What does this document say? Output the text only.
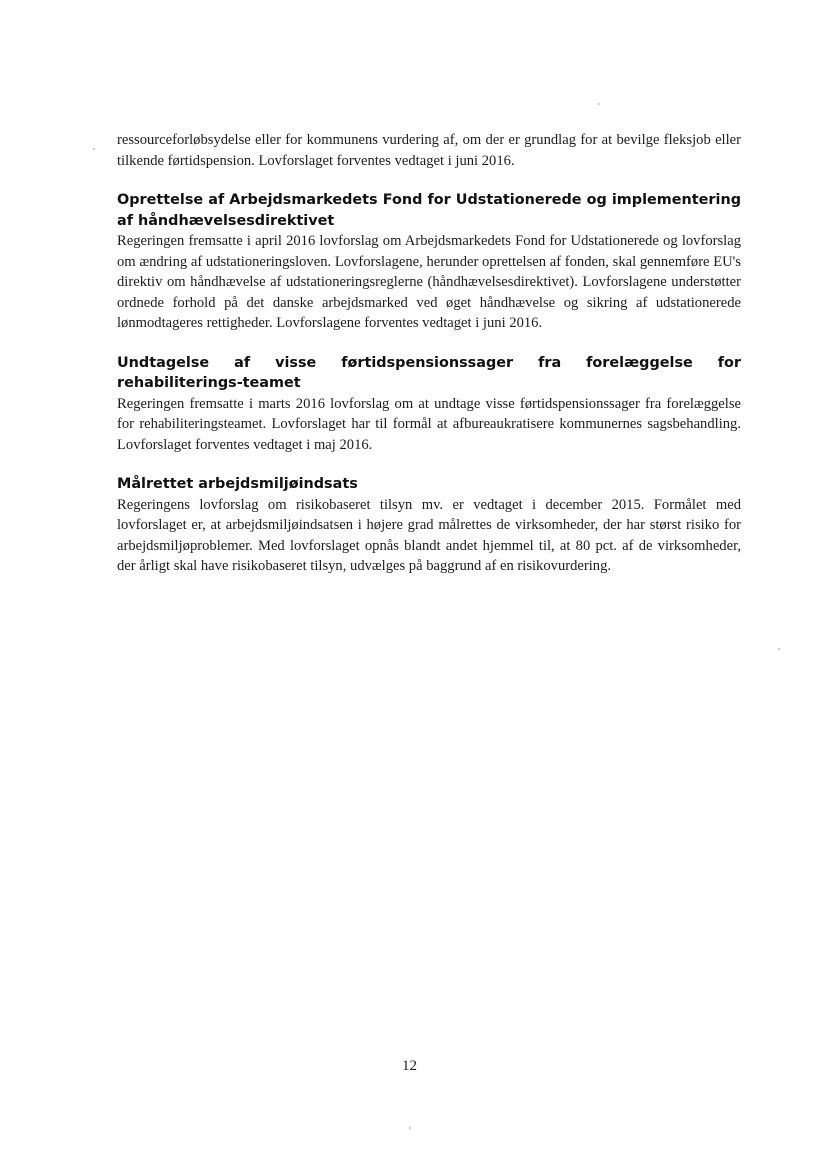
ressourceforløbsydelse eller for kommunens vurdering af, om der er grundlag for at bevilge fleksjob eller tilkende førtidspension. Lovforslaget forventes vedtaget i juni 2016.

Oprettelse af Arbejdsmarkedets Fond for Udstationerede og implementering af håndhævelsesdirektivet

Regeringen fremsatte i april 2016 lovforslag om Arbejdsmarkedets Fond for Udstationerede og lovforslag om ændring af udstationeringsloven. Lovforslagene, herunder oprettelsen af fonden, skal gennemføre EU's direktiv om håndhævelse af udstationeringsreglerne (håndhævelsesdirektivet). Lovforslagene understøtter ordnede forhold på det danske arbejdsmarked ved øget håndhævelse og sikring af udstationerede lønmodtageres rettigheder. Lovforslagene forventes vedtaget i juni 2016.

Undtagelse af visse førtidspensionssager fra forelæggelse for rehabiliterings-teamet

Regeringen fremsatte i marts 2016 lovforslag om at undtage visse førtidspensionssager fra forelæggelse for rehabiliteringsteamet. Lovforslaget har til formål at afbureaukratisere kommunernes sagsbehandling. Lovforslaget forventes vedtaget i maj 2016.

Målrettet arbejdsmiljøindsats

Regeringens lovforslag om risikobaseret tilsyn mv. er vedtaget i december 2015. Formålet med lovforslaget er, at arbejdsmiljøindsatsen i højere grad målrettes de virksomheder, der har størst risiko for arbejdsmiljøproblemer. Med lovforslaget opnås blandt andet hjemmel til, at 80 pct. af de virksomheder, der årligt skal have risikobaseret tilsyn, udvælges på baggrund af en risikovurdering.

12
